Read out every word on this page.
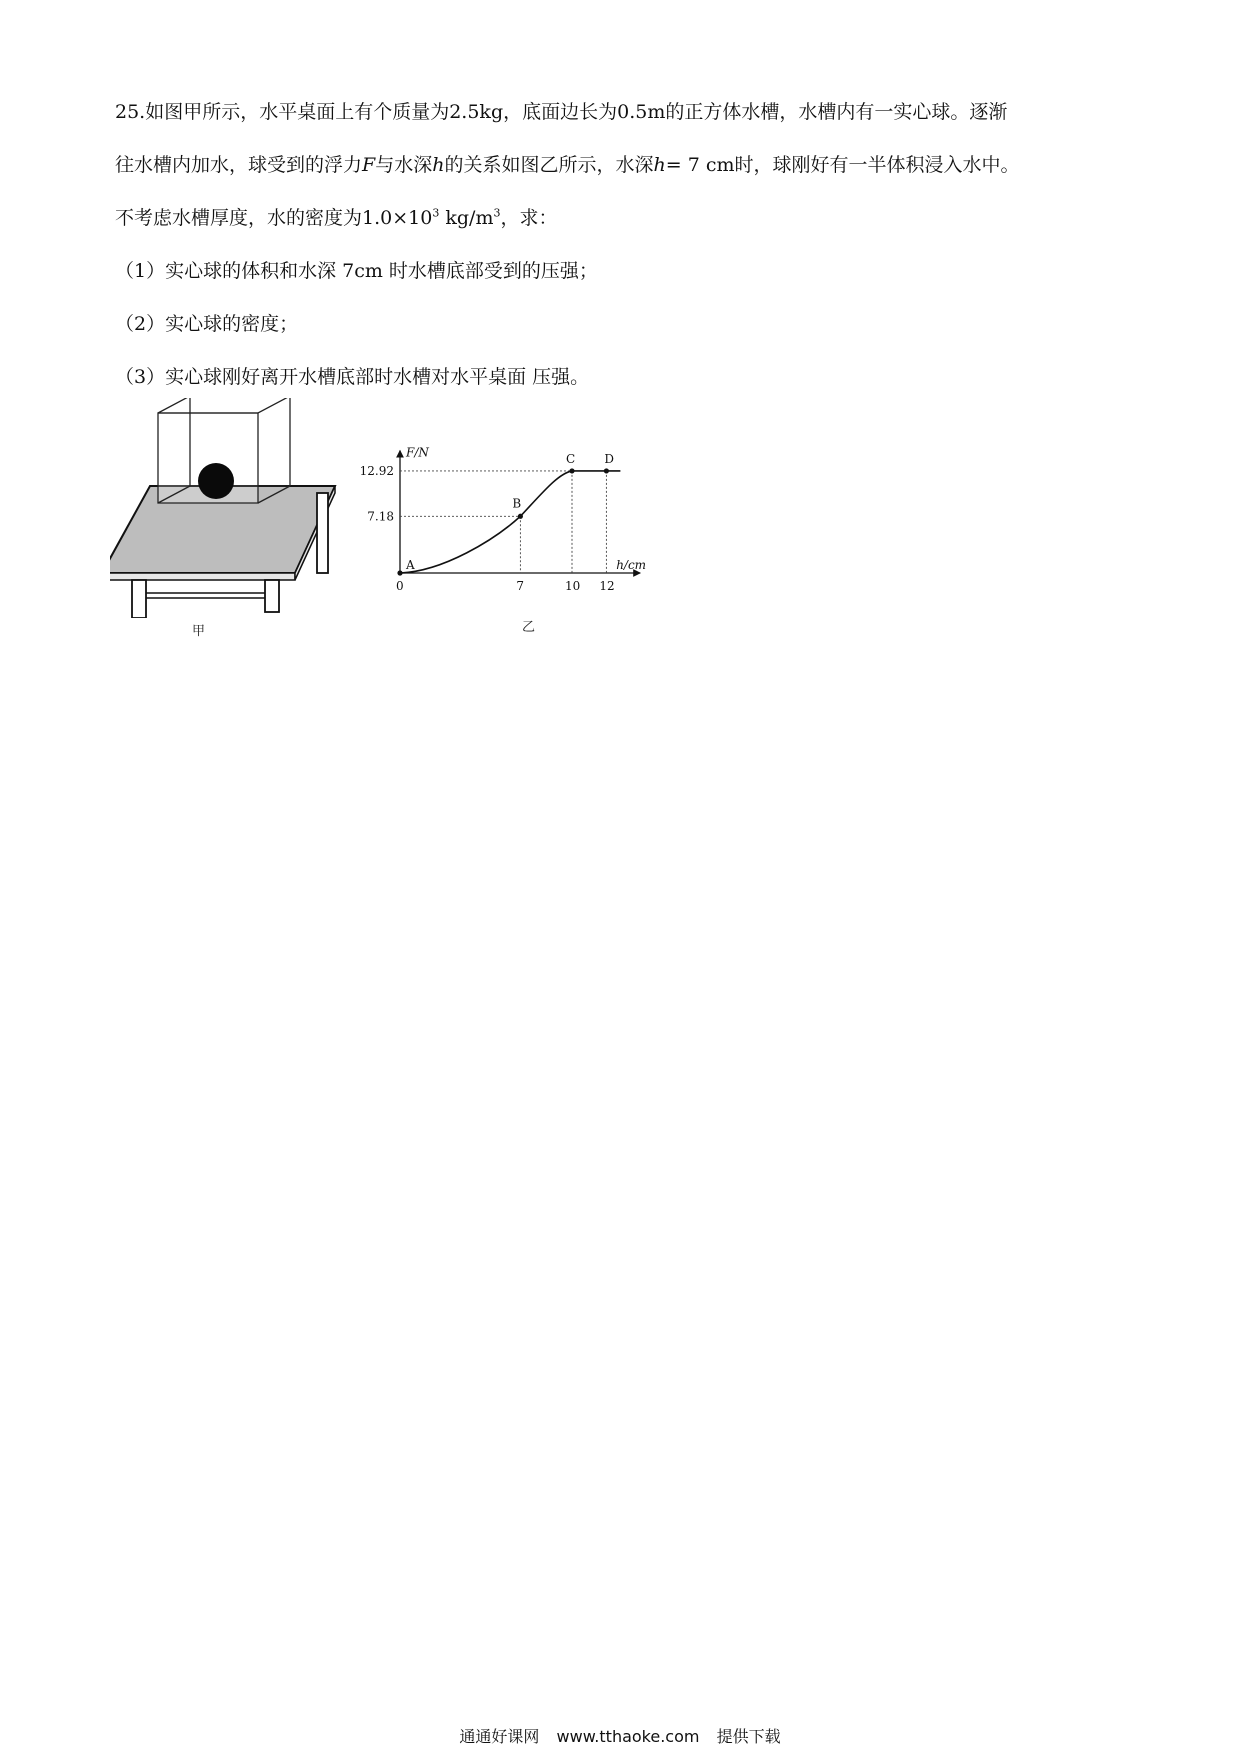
25.如图甲所示，水平桌面上有个质量为2.5kg，底面边长为0.5m的正方体水槽，水槽内有一实心球。逐渐
往水槽内加水，球受到的浮力F与水深h的关系如图乙所示，水深h= 7 cm时，球刚好有一半体积浸入水中。
不考虑水槽厚度，水的密度为$1.0\times 10^3$ $kg/m^3$，求：
（1）实心球的体积和水深 7cm 时水槽底部受到的压强；
（2）实心球的密度；
（3）实心球刚好离开水槽底部时水槽对水平桌面 压强。
甲
F/N
h/cm
A
B
C D
0	7	10 12
7.18
12.92
乙
通通好课网 www.tthaoke.com 提供下载
